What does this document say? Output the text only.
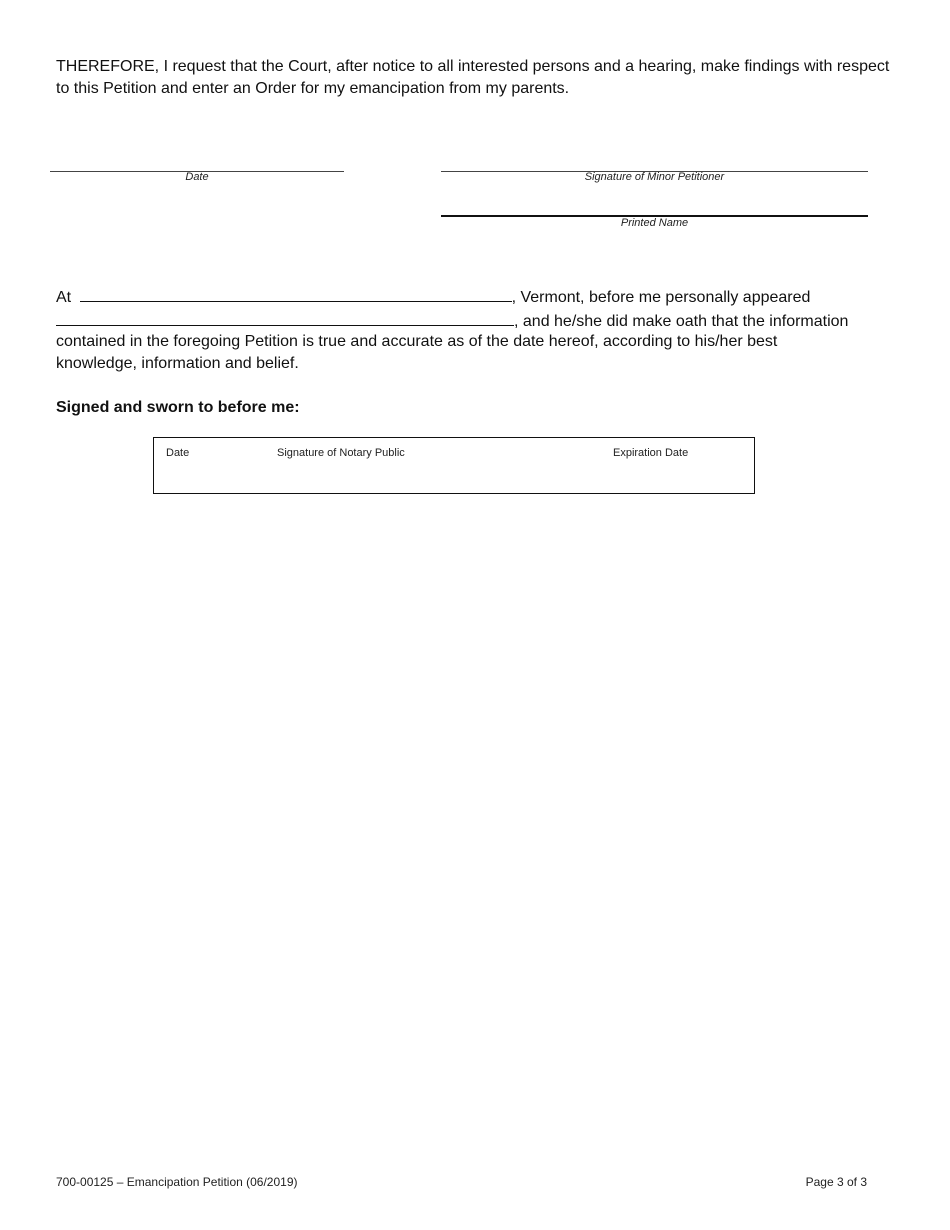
THEREFORE, I request that the Court, after notice to all interested persons and a hearing, make findings with respect to this Petition and enter an Order for my emancipation from my parents.
Date	Signature of Minor Petitioner
Printed Name
At	, Vermont, before me personally appeared
, and he/she did make oath that the information
contained in the foregoing Petition is true and accurate as of the date hereof, according to his/her best
knowledge, information and belief.
Signed and sworn to before me:
Date	Signature of Notary Public	Expiration Date
700-00125 – Emancipation Petition (06/2019)	Page 3 of 3
